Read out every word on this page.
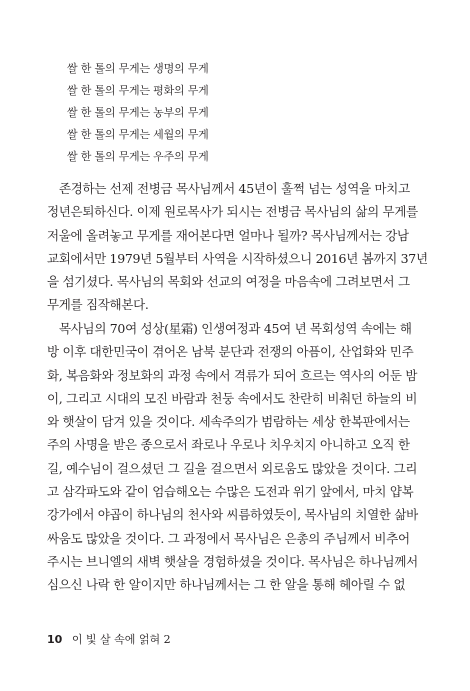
쌀 한 톨의 무게는 생명의 무게
쌀 한 톨의 무게는 평화의 무게
쌀 한 톨의 무게는 농부의 무게
쌀 한 톨의 무게는 세월의 무게
쌀 한 톨의 무게는 우주의 무게

존경하는 선제 전병금 목사님께서 45년이 훌쩍 넘는 성역을 마치고
정년은퇴하신다. 이제 원로목사가 되시는 전병금 목사님의 삶의 무게를
저울에 올려놓고 무게를 재어본다면 얼마나 될까? 목사님께서는 강남
교회에서만 1979년 5월부터 사역을 시작하셨으니 2016년 봄까지 37년
을 섬기셨다. 목사님의 목회와 선교의 여정을 마음속에 그려보면서 그
무게를 짐작해본다.

목사님의 70여 성상(星霜) 인생여정과 45여 년 목회성역 속에는 해
방 이후 대한민국이 겪어온 남북 분단과 전쟁의 아픔이, 산업화와 민주
화, 복음화와 정보화의 과정 속에서 격류가 되어 흐르는 역사의 어둔 밤
이, 그리고 시대의 모진 바람과 천둥 속에서도 찬란히 비춰던 하늘의 비
와 햇살이 담겨 있을 것이다. 세속주의가 범람하는 세상 한복판에서는
주의 사명을 받은 종으로서 좌로나 우로나 치우치지 아니하고 오직 한
길, 예수님이 걸으셨던 그 길을 걸으면서 외로움도 많았을 것이다. 그리
고 삼각파도와 같이 엄습해오는 수많은 도전과 위기 앞에서, 마치 얍복
강가에서 야곱이 하나님의 천사와 씨름하였듯이, 목사님의 치열한 삶바
싸움도 많았을 것이다. 그 과정에서 목사님은 은총의 주님께서 비추어
주시는 브니엘의 새벽 햇살을 경험하셨을 것이다. 목사님은 하나님께서
심으신 나락 한 알이지만 하나님께서는 그 한 알을 통해 헤아릴 수 없

10 이 빛 살 속에 얽혀 2
